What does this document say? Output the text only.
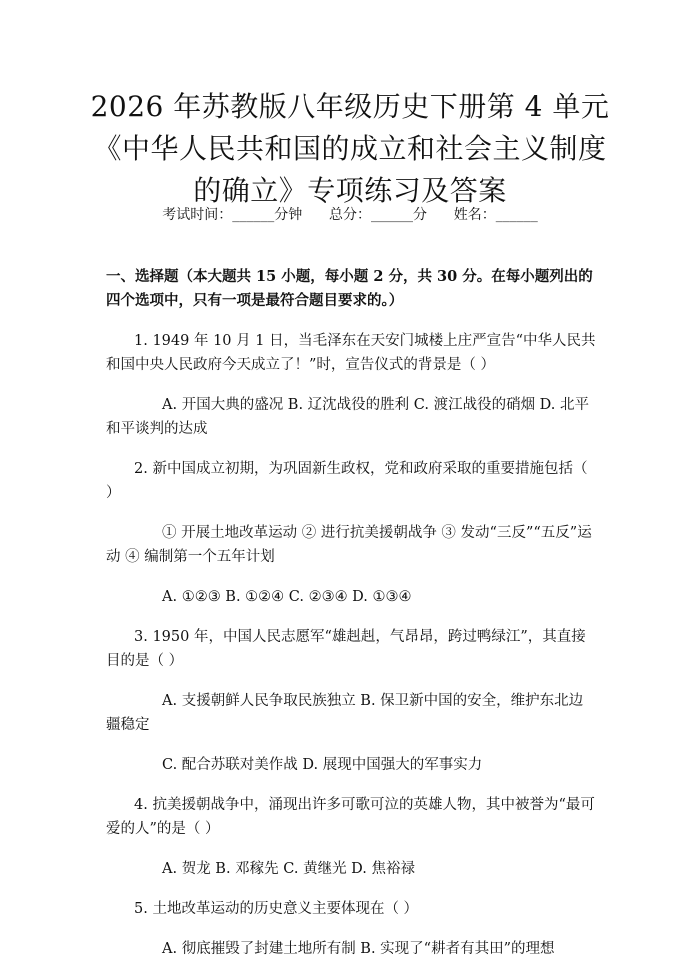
2026 年苏教版八年级历史下册第 4 单元《中华人民共和国的成立和社会主义制度的确立》专项练习及答案
考试时间：______分钟      总分：______分      姓名：______

一、选择题（本大题共 15 小题，每小题 2 分，共 30 分。在每小题列出的四个选项中，只有一项是最符合题目要求的。）

1. 1949 年 10 月 1 日，当毛泽东在天安门城楼上庄严宣告“中华人民共和国中央人民政府今天成立了！”时，宣告仪式的背景是（ ）

A. 开国大典的盛况 B. 辽沈战役的胜利 C. 渡江战役的硝烟 D. 北平和平谈判的达成

2. 新中国成立初期，为巩固新生政权，党和政府采取的重要措施包括（ ）

① 开展土地改革运动 ② 进行抗美援朝战争 ③ 发动“三反”“五反”运动 ④ 编制第一个五年计划

A. ①②③ B. ①②④ C. ②③④ D. ①③④

3. 1950 年，中国人民志愿军“雄赳赳，气昂昂，跨过鸭绿江”，其直接目的是（ ）

A. 支援朝鲜人民争取民族独立 B. 保卫新中国的安全，维护东北边疆稳定

C. 配合苏联对美作战 D. 展现中国强大的军事实力

4. 抗美援朝战争中，涌现出许多可歌可泣的英雄人物，其中被誉为“最可爱的人”的是（ ）

A. 贺龙 B. 邓稼先 C. 黄继光 D. 焦裕禄

5. 土地改革运动的历史意义主要体现在（ ）

A. 彻底摧毁了封建土地所有制 B. 实现了“耕者有其田”的理想
